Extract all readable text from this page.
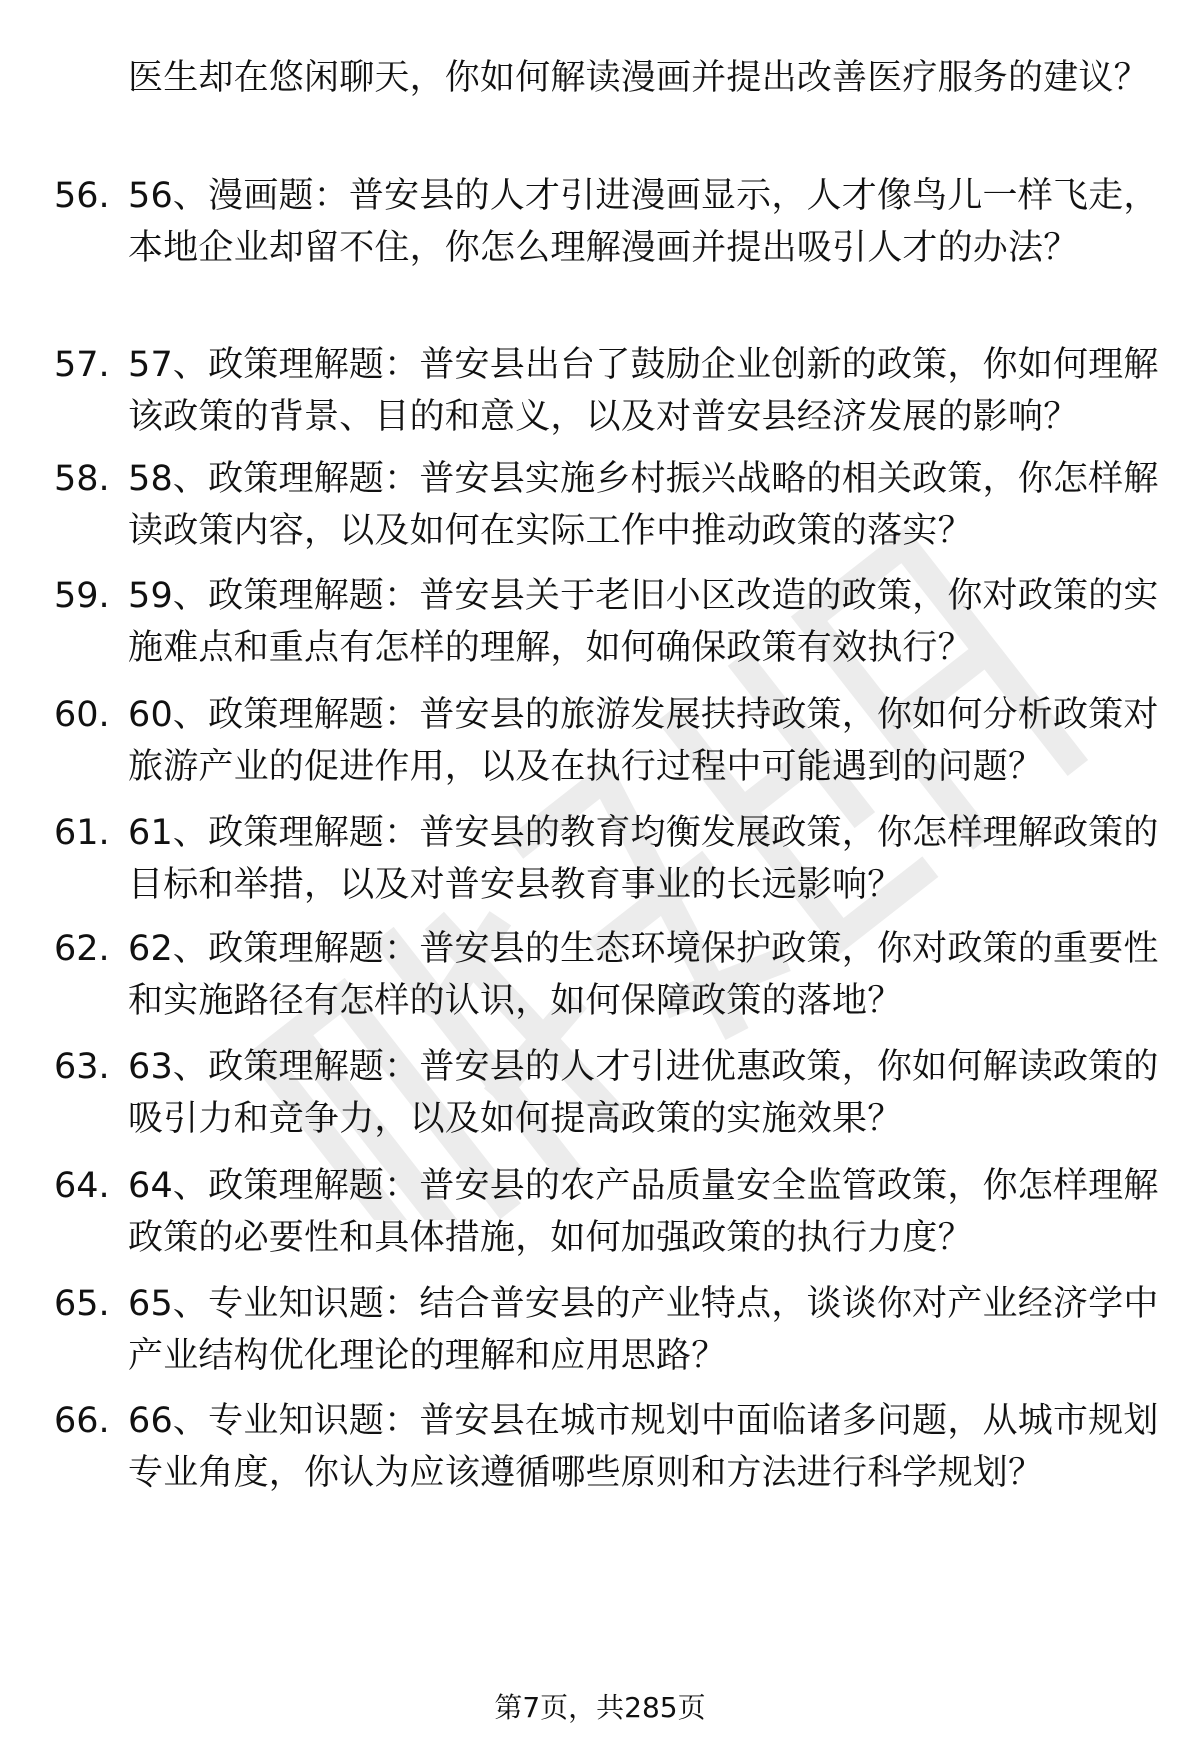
医生却在悠闲聊天，你如何解读漫画并提出改善医疗服务的建议？
56. 56、漫画题：普安县的人才引进漫画显示，人才像鸟儿一样飞走，本地企业却留不住，你怎么理解漫画并提出吸引人才的办法？
57. 57、政策理解题：普安县出台了鼓励企业创新的政策，你如何理解该政策的背景、目的和意义，以及对普安县经济发展的影响？
58. 58、政策理解题：普安县实施乡村振兴战略的相关政策，你怎样解读政策内容，以及如何在实际工作中推动政策的落实？
59. 59、政策理解题：普安县关于老旧小区改造的政策，你对政策的实施难点和重点有怎样的理解，如何确保政策有效执行？
60. 60、政策理解题：普安县的旅游发展扶持政策，你如何分析政策对旅游产业的促进作用，以及在执行过程中可能遇到的问题？
61. 61、政策理解题：普安县的教育均衡发展政策，你怎样理解政策的目标和举措，以及对普安县教育事业的长远影响？
62. 62、政策理解题：普安县的生态环境保护政策，你对政策的重要性和实施路径有怎样的认识，如何保障政策的落地？
63. 63、政策理解题：普安县的人才引进优惠政策，你如何解读政策的吸引力和竞争力，以及如何提高政策的实施效果？
64. 64、政策理解题：普安县的农产品质量安全监管政策，你怎样理解政策的必要性和具体措施，如何加强政策的执行力度？
65. 65、专业知识题：结合普安县的产业特点，谈谈你对产业经济学中产业结构优化理论的理解和应用思路？
66. 66、专业知识题：普安县在城市规划中面临诸多问题，从城市规划专业角度，你认为应该遵循哪些原则和方法进行科学规划？
第7页，共285页
